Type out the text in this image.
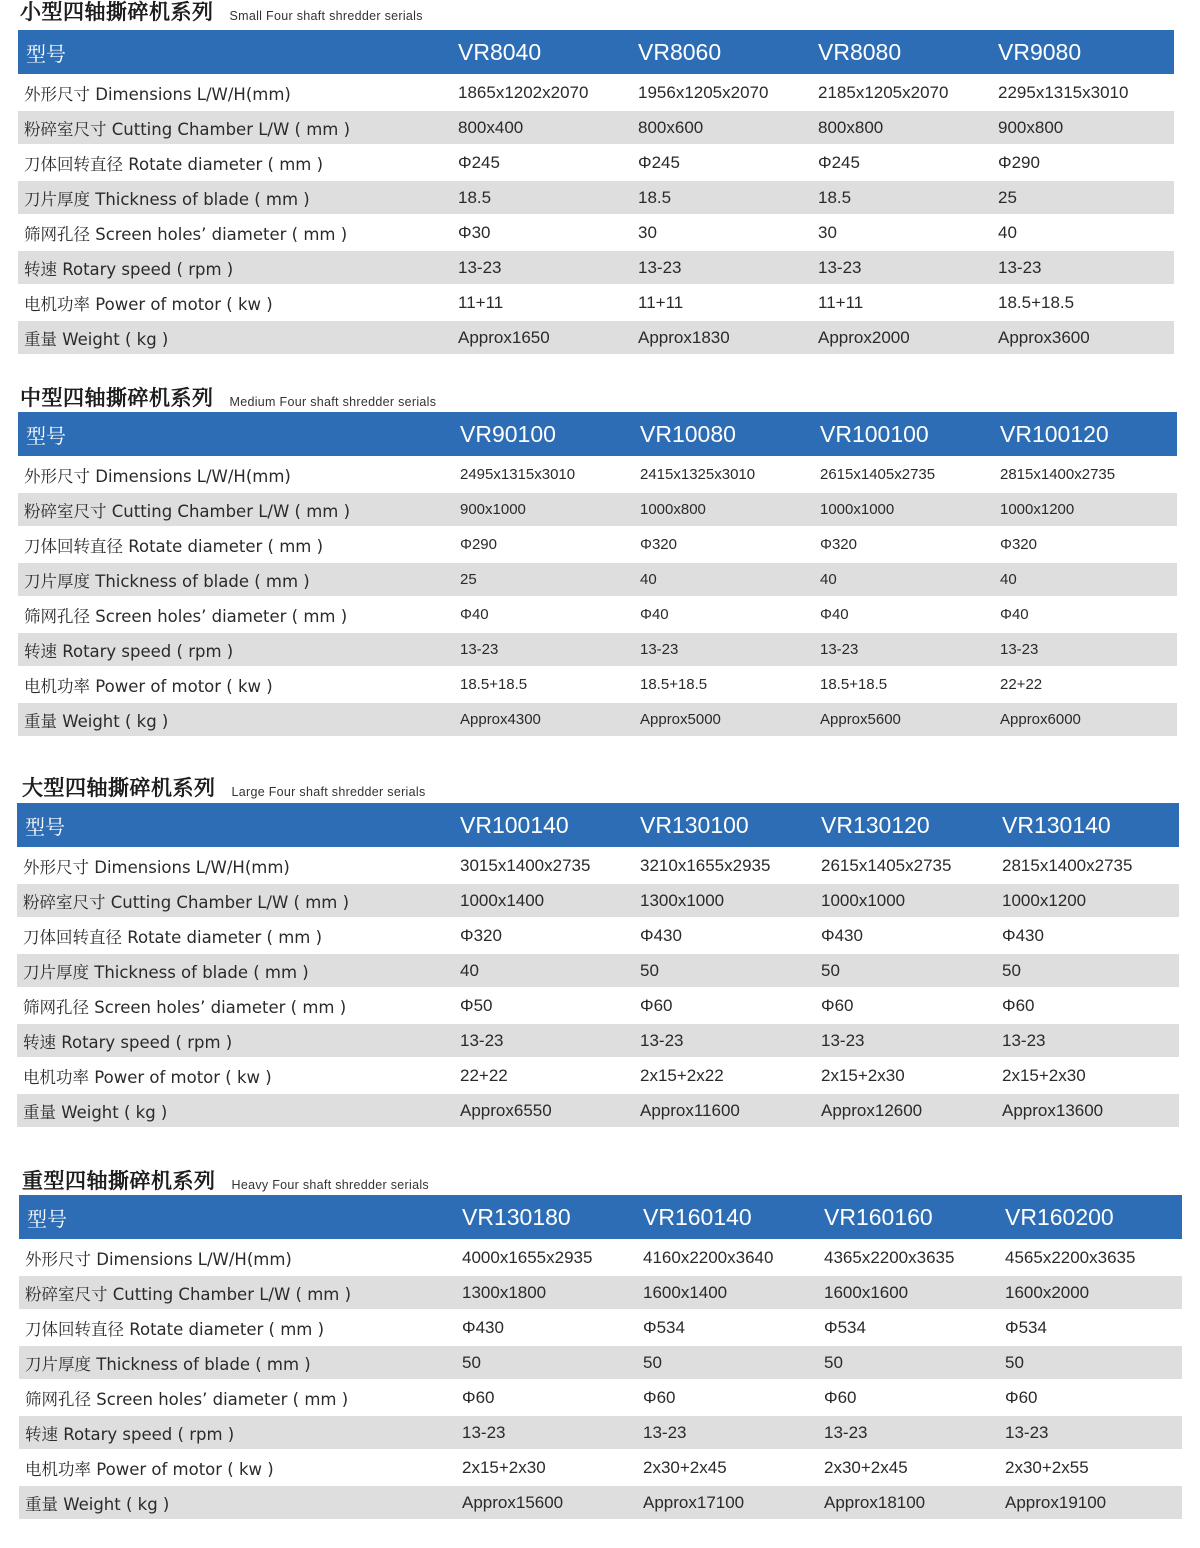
小型四轴撕碎机系列 Small Four shaft shredder serials
型号	VR8040	VR8060	VR8080	VR9080
外形尺寸 Dimensions L/W/H(mm)	1865x1202x2070	1956x1205x2070	2185x1205x2070	2295x1315x3010
粉碎室尺寸 Cutting Chamber L/W ( mm )	800x400	800x600	800x800	900x800
刀体回转直径 Rotate diameter ( mm )	Φ245	Φ245	Φ245	Φ290
刀片厚度 Thickness of blade ( mm )	18.5	18.5	18.5	25
筛网孔径 Screen holes’ diameter ( mm )	Φ30	30	30	40
转速 Rotary speed ( rpm )	13-23	13-23	13-23	13-23
电机功率 Power of motor ( kw )	11+11	11+11	11+11	18.5+18.5
重量 Weight ( kg )	Approx1650	Approx1830	Approx2000	Approx3600
中型四轴撕碎机系列 Medium Four shaft shredder serials
型号	VR90100	VR10080	VR100100	VR100120
外形尺寸 Dimensions L/W/H(mm)	2495x1315x3010	2415x1325x3010	2615x1405x2735	2815x1400x2735
粉碎室尺寸 Cutting Chamber L/W ( mm )	900x1000	1000x800	1000x1000	1000x1200
刀体回转直径 Rotate diameter ( mm )	Φ290	Φ320	Φ320	Φ320
刀片厚度 Thickness of blade ( mm )	25	40	40	40
筛网孔径 Screen holes’ diameter ( mm )	Φ40	Φ40	Φ40	Φ40
转速 Rotary speed ( rpm )	13-23	13-23	13-23	13-23
电机功率 Power of motor ( kw )	18.5+18.5	18.5+18.5	18.5+18.5	22+22
重量 Weight ( kg )	Approx4300	Approx5000	Approx5600	Approx6000
大型四轴撕碎机系列 Large Four shaft shredder serials
型号	VR100140	VR130100	VR130120	VR130140
外形尺寸 Dimensions L/W/H(mm)	3015x1400x2735	3210x1655x2935	2615x1405x2735	2815x1400x2735
粉碎室尺寸 Cutting Chamber L/W ( mm )	1000x1400	1300x1000	1000x1000	1000x1200
刀体回转直径 Rotate diameter ( mm )	Φ320	Φ430	Φ430	Φ430
刀片厚度 Thickness of blade ( mm )	40	50	50	50
筛网孔径 Screen holes’ diameter ( mm )	Φ50	Φ60	Φ60	Φ60
转速 Rotary speed ( rpm )	13-23	13-23	13-23	13-23
电机功率 Power of motor ( kw )	22+22	2x15+2x22	2x15+2x30	2x15+2x30
重量 Weight ( kg )	Approx6550	Approx11600	Approx12600	Approx13600
重型四轴撕碎机系列 Heavy Four shaft shredder serials
型号	VR130180	VR160140	VR160160	VR160200
外形尺寸 Dimensions L/W/H(mm)	4000x1655x2935	4160x2200x3640	4365x2200x3635	4565x2200x3635
粉碎室尺寸 Cutting Chamber L/W ( mm )	1300x1800	1600x1400	1600x1600	1600x2000
刀体回转直径 Rotate diameter ( mm )	Φ430	Φ534	Φ534	Φ534
刀片厚度 Thickness of blade ( mm )	50	50	50	50
筛网孔径 Screen holes’ diameter ( mm )	Φ60	Φ60	Φ60	Φ60
转速 Rotary speed ( rpm )	13-23	13-23	13-23	13-23
电机功率 Power of motor ( kw )	2x15+2x30	2x30+2x45	2x30+2x45	2x30+2x55
重量 Weight ( kg )	Approx15600	Approx17100	Approx18100	Approx19100
